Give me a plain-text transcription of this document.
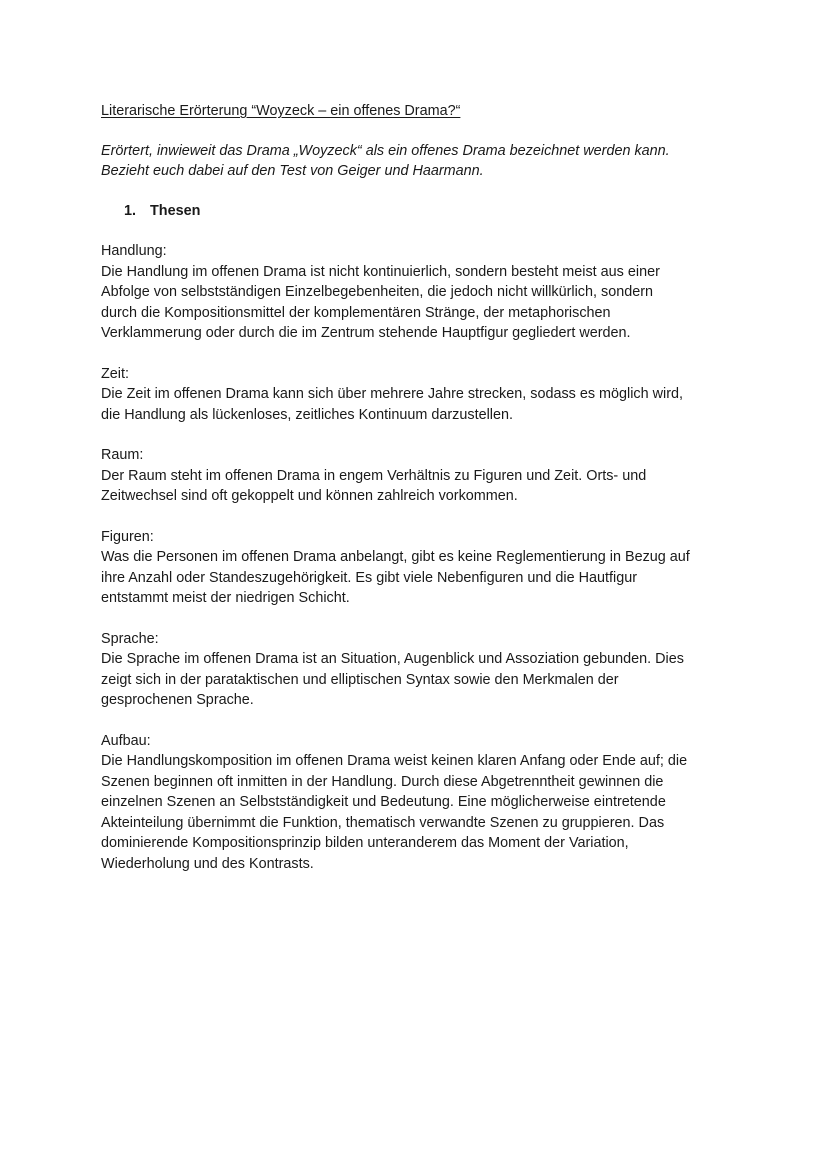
Literarische Erörterung “Woyzeck – ein offenes Drama?“
Erörtert, inwieweit das Drama „Woyzeck“ als ein offenes Drama bezeichnet werden kann.
Bezieht euch dabei auf den Test von Geiger und Haarmann.
1. Thesen
Handlung:
Die Handlung im offenen Drama ist nicht kontinuierlich, sondern besteht meist aus einer
Abfolge von selbstständigen Einzelbegebenheiten, die jedoch nicht willkürlich, sondern
durch die Kompositionsmittel der komplementären Stränge, der metaphorischen
Verklammerung oder durch die im Zentrum stehende Hauptfigur gegliedert werden.
Zeit:
Die Zeit im offenen Drama kann sich über mehrere Jahre strecken, sodass es möglich wird,
die Handlung als lückenloses, zeitliches Kontinuum darzustellen.
Raum:
Der Raum steht im offenen Drama in engem Verhältnis zu Figuren und Zeit. Orts- und
Zeitwechsel sind oft gekoppelt und können zahlreich vorkommen.
Figuren:
Was die Personen im offenen Drama anbelangt, gibt es keine Reglementierung in Bezug auf
ihre Anzahl oder Standeszugehörigkeit. Es gibt viele Nebenfiguren und die Hautfigur
entstammt meist der niedrigen Schicht.
Sprache:
Die Sprache im offenen Drama ist an Situation, Augenblick und Assoziation gebunden. Dies
zeigt sich in der parataktischen und elliptischen Syntax sowie den Merkmalen der
gesprochenen Sprache.
Aufbau:
Die Handlungskomposition im offenen Drama weist keinen klaren Anfang oder Ende auf; die
Szenen beginnen oft inmitten in der Handlung. Durch diese Abgetrenntheit gewinnen die
einzelnen Szenen an Selbstständigkeit und Bedeutung. Eine möglicherweise eintretende
Akteinteilung übernimmt die Funktion, thematisch verwandte Szenen zu gruppieren. Das
dominierende Kompositionsprinzip bilden unteranderem das Moment der Variation,
Wiederholung und des Kontrasts.
